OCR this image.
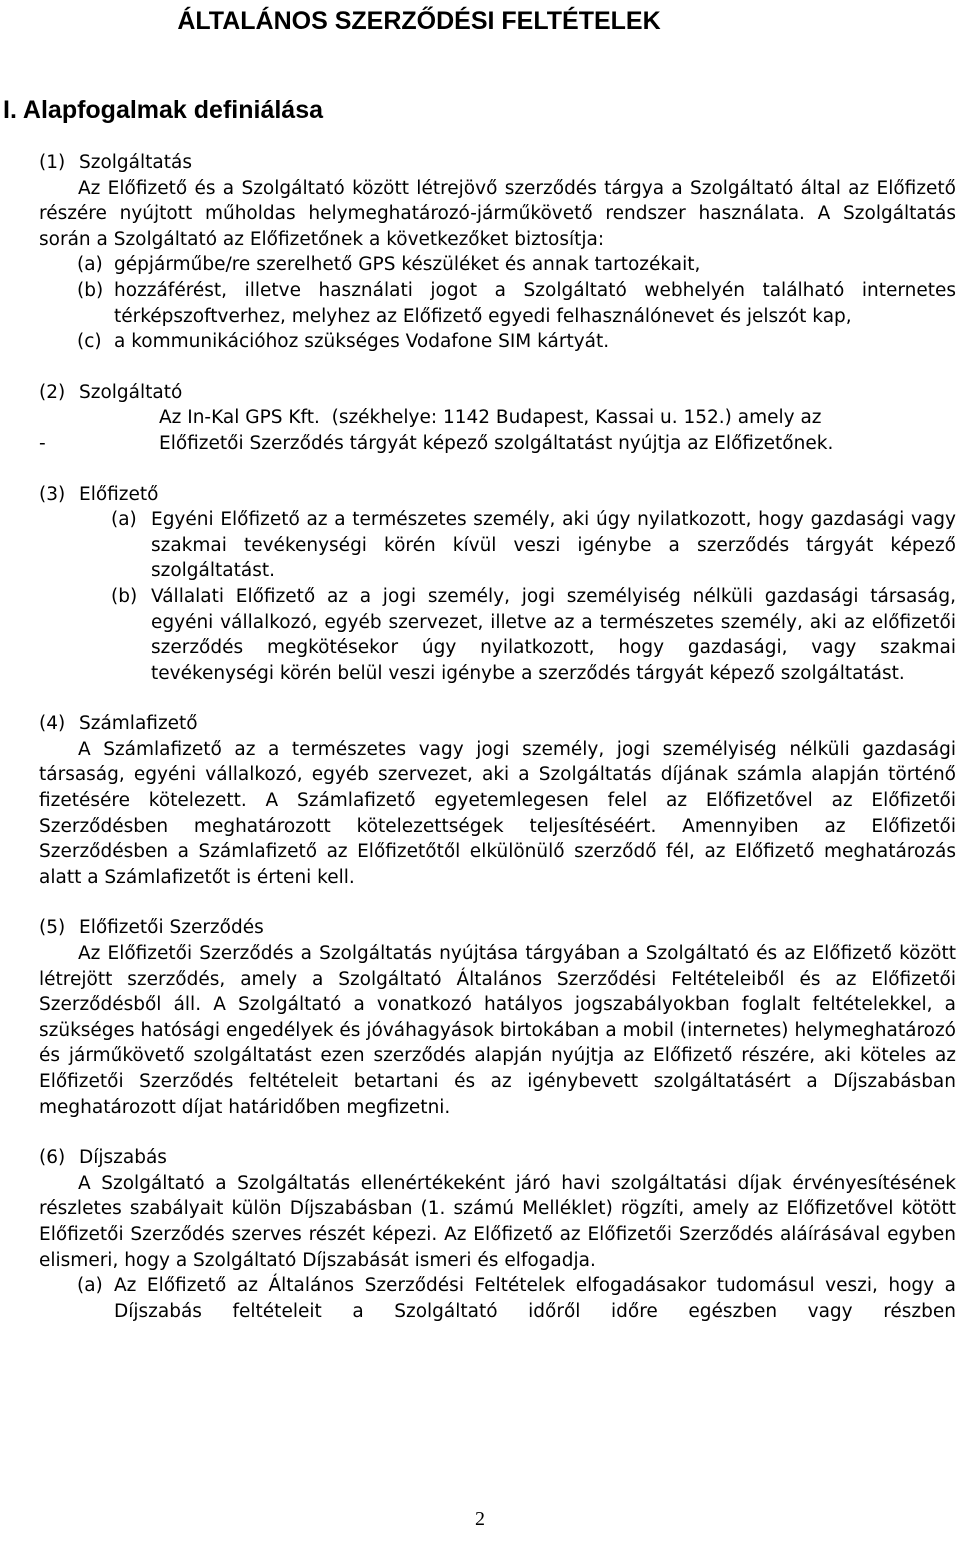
ÁLTALÁNOS SZERZŐDÉSI FELTÉTELEK
I. Alapfogalmak definiálása
(1) Szolgáltatás

Az Előfizető és a Szolgáltató között létrejövő szerződés tárgya a Szolgáltató által az Előfizető részére nyújtott műholdas helymeghatározó-járműkövető rendszer használata. A Szolgáltatás során a Szolgáltató az Előfizetőnek a következőket biztosítja:

(a) gépjárműbe/re szerelhető GPS készüléket és annak tartozékait,
(b) hozzáférést, illetve használati jogot a Szolgáltató webhelyén található internetes térképszoftverhez, melyhez az Előfizető egyedi felhasználónevet és jelszót kap,
(c) a kommunikációhoz szükséges Vodafone SIM kártyát.
(2) Szolgáltató
Az In-Kal GPS Kft.  (székhelye: 1142 Budapest, Kassai u. 152.) amely az
-	Előfizetői Szerződés tárgyát képező szolgáltatást nyújtja az Előfizetőnek.
(3) Előfizető
(a) Egyéni Előfizető az a természetes személy, aki úgy nyilatkozott, hogy gazdasági vagy szakmai tevékenységi körén kívül veszi igénybe a szerződés tárgyát képező szolgáltatást.
(b) Vállalati Előfizető az a jogi személy, jogi személyiség nélküli gazdasági társaság, egyéni vállalkozó, egyéb szervezet, illetve az a természetes személy, aki az előfizetői szerződés megkötésekor úgy nyilatkozott, hogy gazdasági, vagy szakmai tevékenységi körén belül veszi igénybe a szerződés tárgyát képező szolgáltatást.
(4) Számlafizető

A Számlafizető az a természetes vagy jogi személy, jogi személyiség nélküli gazdasági társaság, egyéni vállalkozó, egyéb szervezet, aki a Szolgáltatás díjának számla alapján történő fizetésére kötelezett. A Számlafizető egyetemlegesen felel az Előfizetővel az Előfizetői Szerződésben meghatározott kötelezettségek teljesítéséért. Amennyiben az Előfizetői Szerződésben a Számlafizető az Előfizetőtől elkülönülő szerződő fél, az Előfizető meghatározás alatt a Számlafizetőt is érteni kell.

(5) Előfizetői Szerződés

Az Előfizetői Szerződés a Szolgáltatás nyújtása tárgyában a Szolgáltató és az Előfizető között létrejött szerződés, amely a Szolgáltató Általános Szerződési Feltételeiből és az Előfizetői Szerződésből áll. A Szolgáltató a vonatkozó hatályos jogszabályokban foglalt feltételekkel, a szükséges hatósági engedélyek és jóváhagyások birtokában a mobil (internetes) helymeghatározó és járműkövető szolgáltatást ezen szerződés alapján nyújtja az Előfizető részére, aki köteles az Előfizetői Szerződés feltételeit betartani és az igénybevett szolgáltatásért a Díjszabásban meghatározott díjat határidőben megfizetni.

(6) Díjszabás

A Szolgáltató a Szolgáltatás ellenértékeként járó havi szolgáltatási díjak érvényesítésének részletes szabályait külön Díjszabásban (1. számú Melléklet) rögzíti, amely az Előfizetővel kötött Előfizetői Szerződés szerves részét képezi. Az Előfizető az Előfizetői Szerződés aláírásával egyben elismeri, hogy a Szolgáltató Díjszabását ismeri és elfogadja.

(a) Az Előfizető az Általános Szerződési Feltételek elfogadásakor tudomásul veszi, hogy a Díjszabás feltételeit a Szolgáltató időről időre egészben vagy részben
2
